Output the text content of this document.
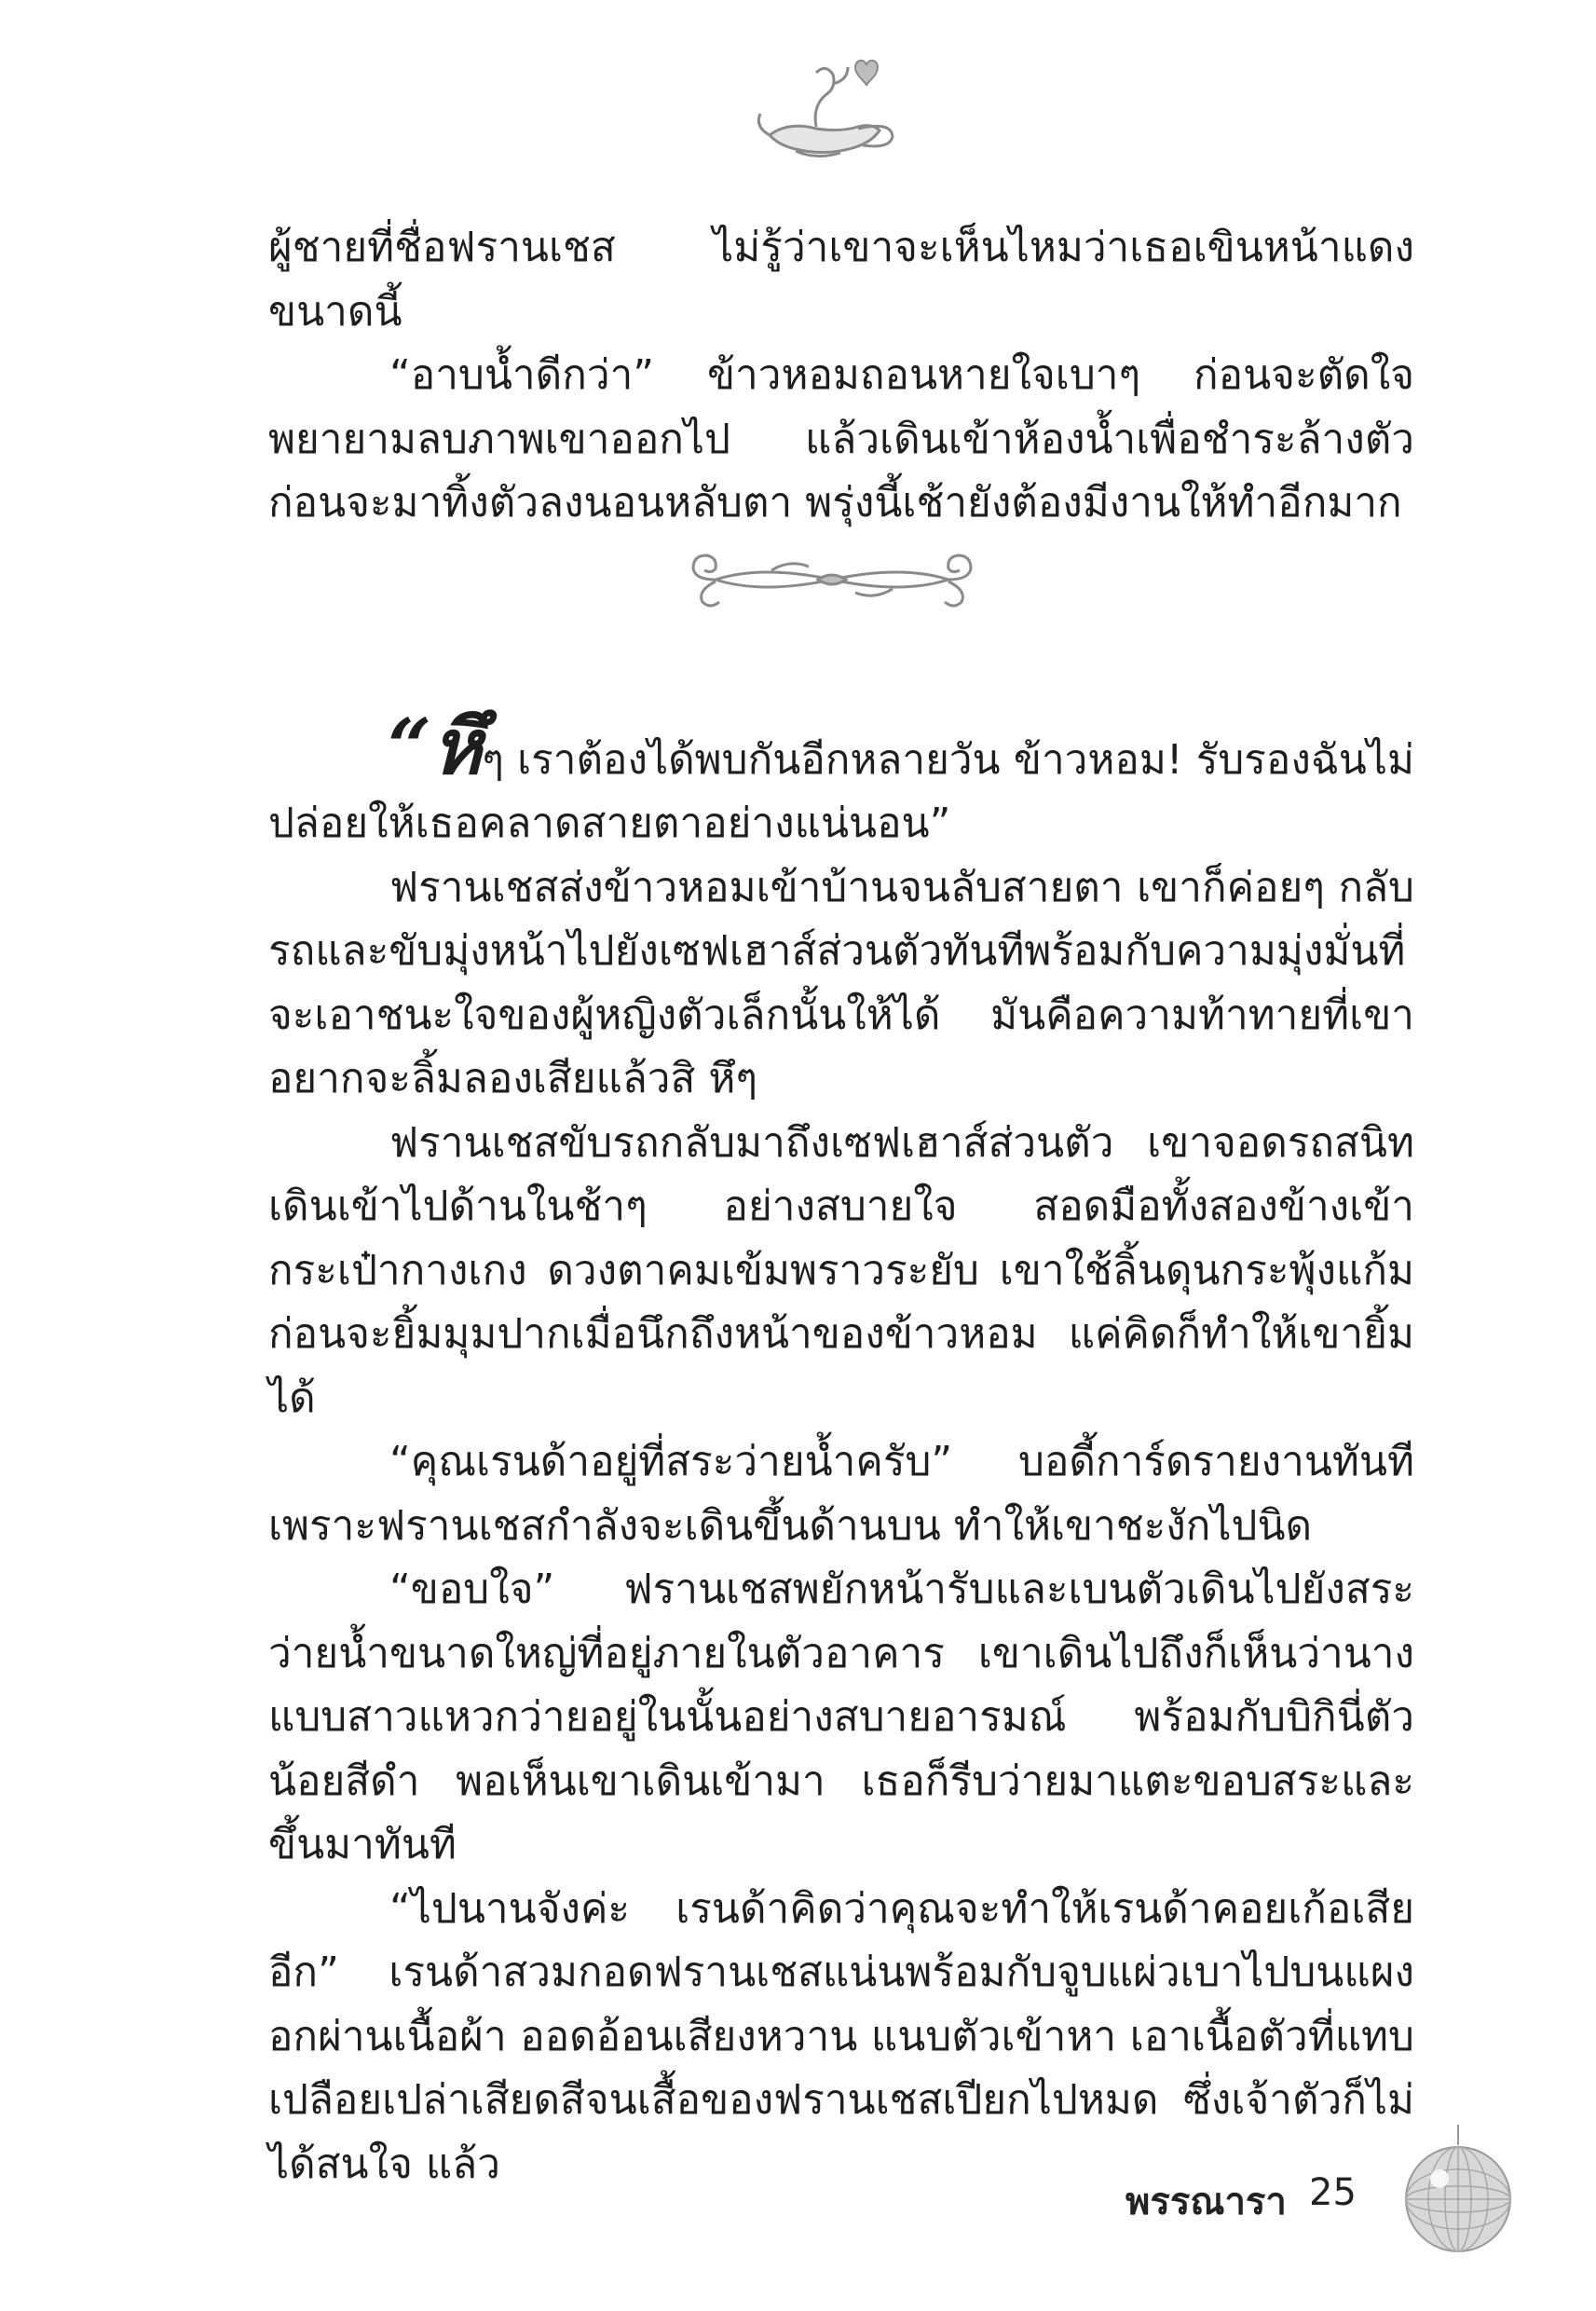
ผู้ชายที่ชื่อฟรานเชส ไม่รู้ว่าเขาจะเห็นไหมว่าเธอเขินหน้าแดงขนาดนี้

“อาบน้ำดีกว่า” ข้าวหอมถอนหายใจเบาๆ ก่อนจะตัดใจ พยายามลบภาพเขาออกไป แล้วเดินเข้าห้องน้ำเพื่อชำระล้างตัว ก่อนจะมาทิ้งตัวลงนอนหลับตา พรุ่งนี้เช้ายังต้องมีงานให้ทำอีกมาก

“หึๆ เราต้องได้พบกันอีกหลายวัน ข้าวหอม! รับรองฉันไม่ปล่อยให้เธอคลาดสายตาอย่างแน่นอน”

ฟรานเชสส่งข้าวหอมเข้าบ้านจนลับสายตา เขาก็ค่อยๆ กลับรถและขับมุ่งหน้าไปยังเซฟเฮาส์ส่วนตัวทันทีพร้อมกับความมุ่งมั่นที่จะเอาชนะใจของผู้หญิงตัวเล็กนั้นให้ได้ มันคือความท้าทายที่เขาอยากจะลิ้มลองเสียแล้วสิ หึๆ

ฟรานเชสขับรถกลับมาถึงเซฟเฮาส์ส่วนตัว เขาจอดรถสนิท เดินเข้าไปด้านในช้าๆ อย่างสบายใจ สอดมือทั้งสองข้างเข้ากระเป๋ากางเกง ดวงตาคมเข้มพราวระยับ เขาใช้ลิ้นดุนกระพุ้งแก้มก่อนจะยิ้มมุมปากเมื่อนึกถึงหน้าของข้าวหอม แค่คิดก็ทำให้เขายิ้มได้

“คุณเรนด้าอยู่ที่สระว่ายน้ำครับ” บอดี้การ์ดรายงานทันที เพราะฟรานเชสกำลังจะเดินขึ้นด้านบน ทำให้เขาชะงักไปนิด

“ขอบใจ” ฟรานเชสพยักหน้ารับและเบนตัวเดินไปยังสระว่ายน้ำขนาดใหญ่ที่อยู่ภายในตัวอาคาร เขาเดินไปถึงก็เห็นว่านางแบบสาวแหวกว่ายอยู่ในนั้นอย่างสบายอารมณ์ พร้อมกับบิกินี่ตัวน้อยสีดำ พอเห็นเขาเดินเข้ามา เธอก็รีบว่ายมาแตะขอบสระและขึ้นมาทันที

“ไปนานจังค่ะ เรนด้าคิดว่าคุณจะทำให้เรนด้าคอยเก้อเสียอีก” เรนด้าสวมกอดฟรานเชสแน่นพร้อมกับจูบแผ่วเบาไปบนแผงอกผ่านเนื้อผ้า ออดอ้อนเสียงหวาน แนบตัวเข้าหา เอาเนื้อตัวที่แทบเปลือยเปล่าเสียดสีจนเสื้อของฟรานเชสเปียกไปหมด ซึ่งเจ้าตัวก็ไม่ได้สนใจ แล้ว

พรรณารา 25
